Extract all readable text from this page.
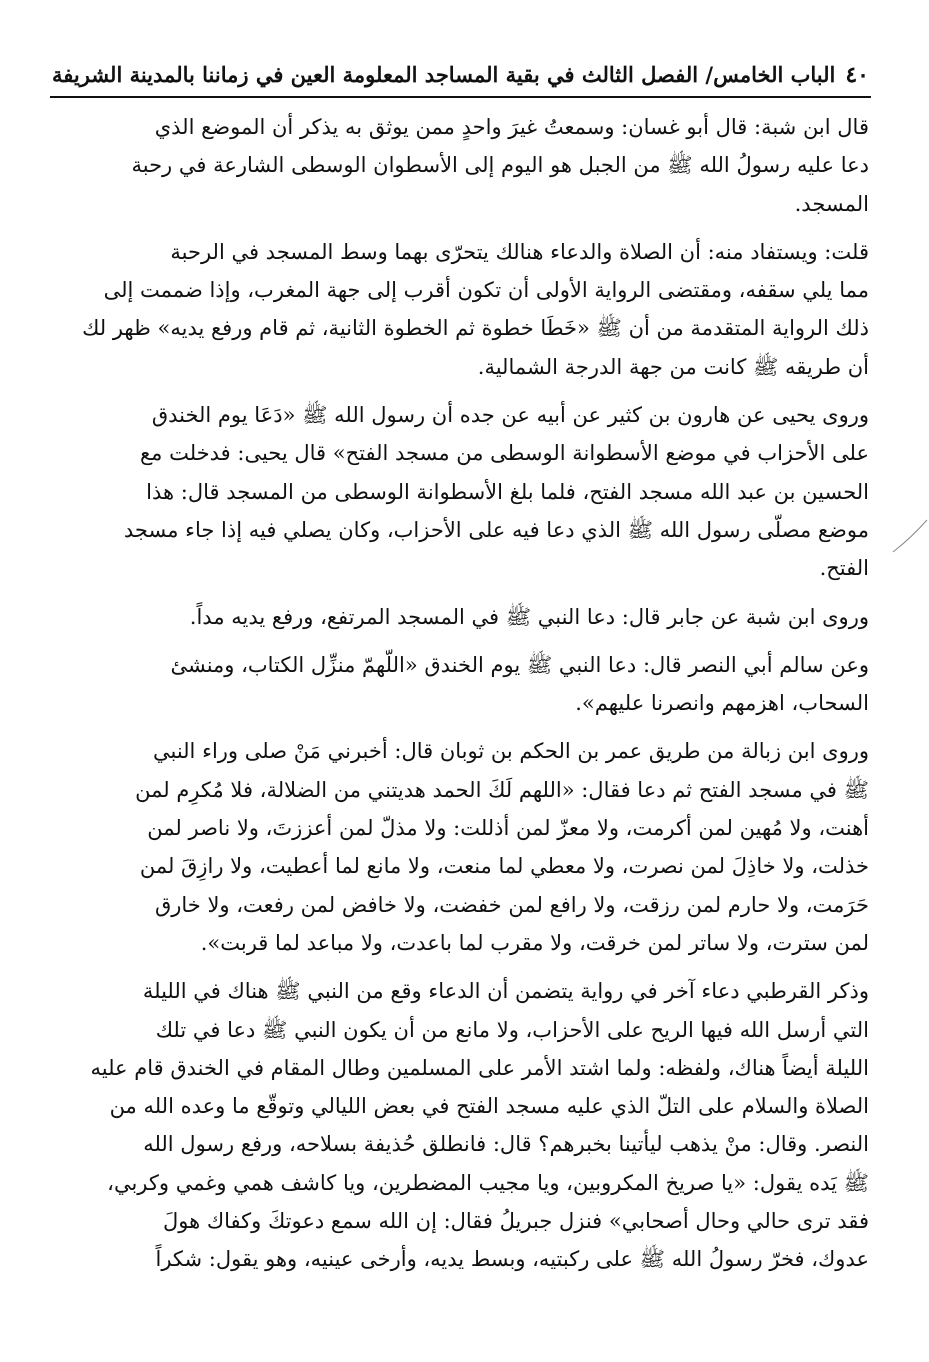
٤٠
الباب الخامس/ الفصل الثالث في بقية المساجد المعلومة العين في زماننا بالمدينة الشريفة

قال ابن شبة: قال أبو غسان: وسمعتُ غيرَ واحدٍ ممن يوثق به يذكر أن الموضع الذي
دعا عليه رسولُ الله ﷺ من الجبل هو اليوم إلى الأسطوان الوسطى الشارعة في رحبة
المسجد.

قلت: ويستفاد منه: أن الصلاة والدعاء هنالك يتحرّى بهما وسط المسجد في الرحبة
مما يلي سقفه، ومقتضى الرواية الأولى أن تكون أقرب إلى جهة المغرب، وإذا ضممت إلى
ذلك الرواية المتقدمة من أن ﷺ «خَطَا خطوة ثم الخطوة الثانية، ثم قام ورفع يديه» ظهر لك
أن طريقه ﷺ كانت من جهة الدرجة الشمالية.

وروى يحيى عن هارون بن كثير عن أبيه عن جده أن رسول الله ﷺ «دَعَا يوم الخندق
على الأحزاب في موضع الأسطوانة الوسطى من مسجد الفتح» قال يحيى: فدخلت مع
الحسين بن عبد الله مسجد الفتح، فلما بلغ الأسطوانة الوسطى من المسجد قال: هذا
موضع مصلّى رسول الله ﷺ الذي دعا فيه على الأحزاب، وكان يصلي فيه إذا جاء مسجد
الفتح.

وروى ابن شبة عن جابر قال: دعا النبي ﷺ في المسجد المرتفع، ورفع يديه مداً.

وعن سالم أبي النصر قال: دعا النبي ﷺ يوم الخندق «اللّهمّ منزِّل الكتاب، ومنشئ
السحاب، اهزمهم وانصرنا عليهم».

وروى ابن زبالة من طريق عمر بن الحكم بن ثوبان قال: أخبرني مَنْ صلى وراء النبي
ﷺ في مسجد الفتح ثم دعا فقال: «اللهم لَكَ الحمد هديتني من الضلالة، فلا مُكرِم لمن
أهنت، ولا مُهين لمن أكرمت، ولا معزّ لمن أذللت: ولا مذلّ لمن أعززتَ، ولا ناصر لمن
خذلت، ولا خاذِلَ لمن نصرت، ولا معطي لما منعت، ولا مانع لما أعطيت، ولا رازِقَ لمن
حَرَمت، ولا حارم لمن رزقت، ولا رافع لمن خفضت، ولا خافض لمن رفعت، ولا خارق
لمن سترت، ولا ساتر لمن خرقت، ولا مقرب لما باعدت، ولا مباعد لما قربت».

وذكر القرطبي دعاء آخر في رواية يتضمن أن الدعاء وقع من النبي ﷺ هناك في الليلة
التي أرسل الله فيها الريح على الأحزاب، ولا مانع من أن يكون النبي ﷺ دعا في تلك
الليلة أيضاً هناك، ولفظه: ولما اشتد الأمر على المسلمين وطال المقام في الخندق قام عليه
الصلاة والسلام على التلّ الذي عليه مسجد الفتح في بعض الليالي وتوقّع ما وعده الله من
النصر. وقال: منْ يذهب ليأتينا بخبرهم؟ قال: فانطلق حُذيفة بسلاحه، ورفع رسول الله
ﷺ يَده يقول: «يا صريخ المكروبين، ويا مجيب المضطرين، ويا كاشف همي وغمي وكربي،
فقد ترى حالي وحال أصحابي» فنزل جبريلُ فقال: إن الله سمع دعوتكَ وكفاك هولَ
عدوك، فخرّ رسولُ الله ﷺ على ركبتيه، وبسط يديه، وأرخى عينيه، وهو يقول: شكراً
